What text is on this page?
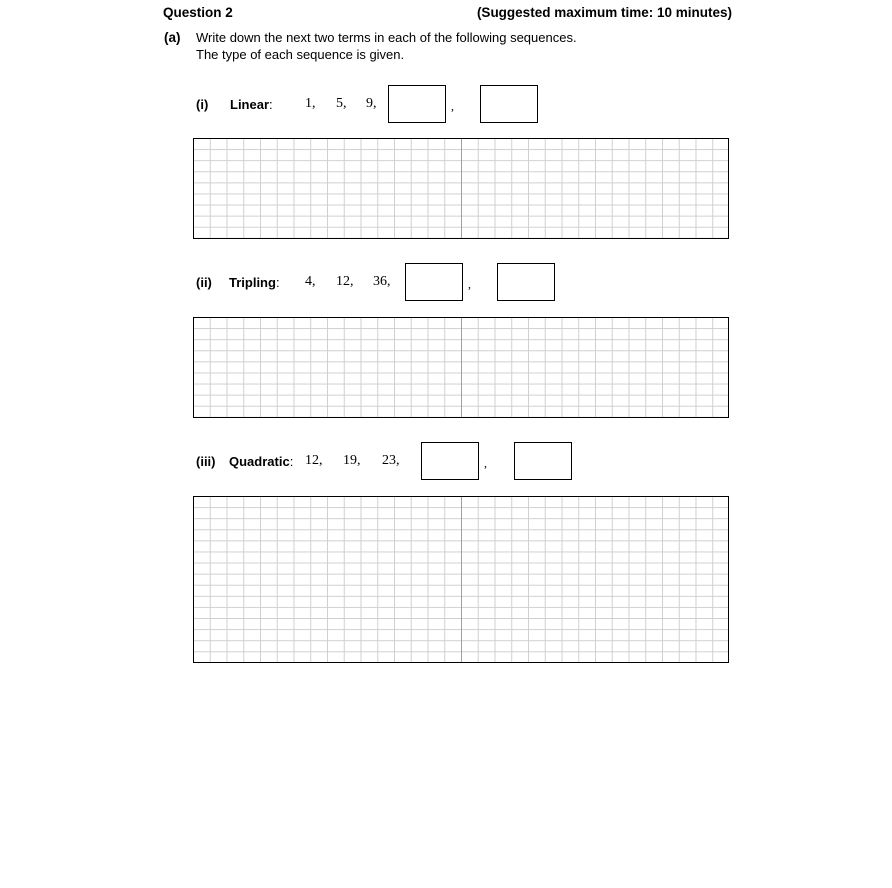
Question 2	(Suggested maximum time: 10 minutes)
(a) Write down the next two terms in each of the following sequences.
The type of each sequence is given.
(i) Linear: 1, 5, 9,	,
(ii) Tripling: 4, 12, 36,	,
(iii) Quadratic: 12, 19, 23,	,
